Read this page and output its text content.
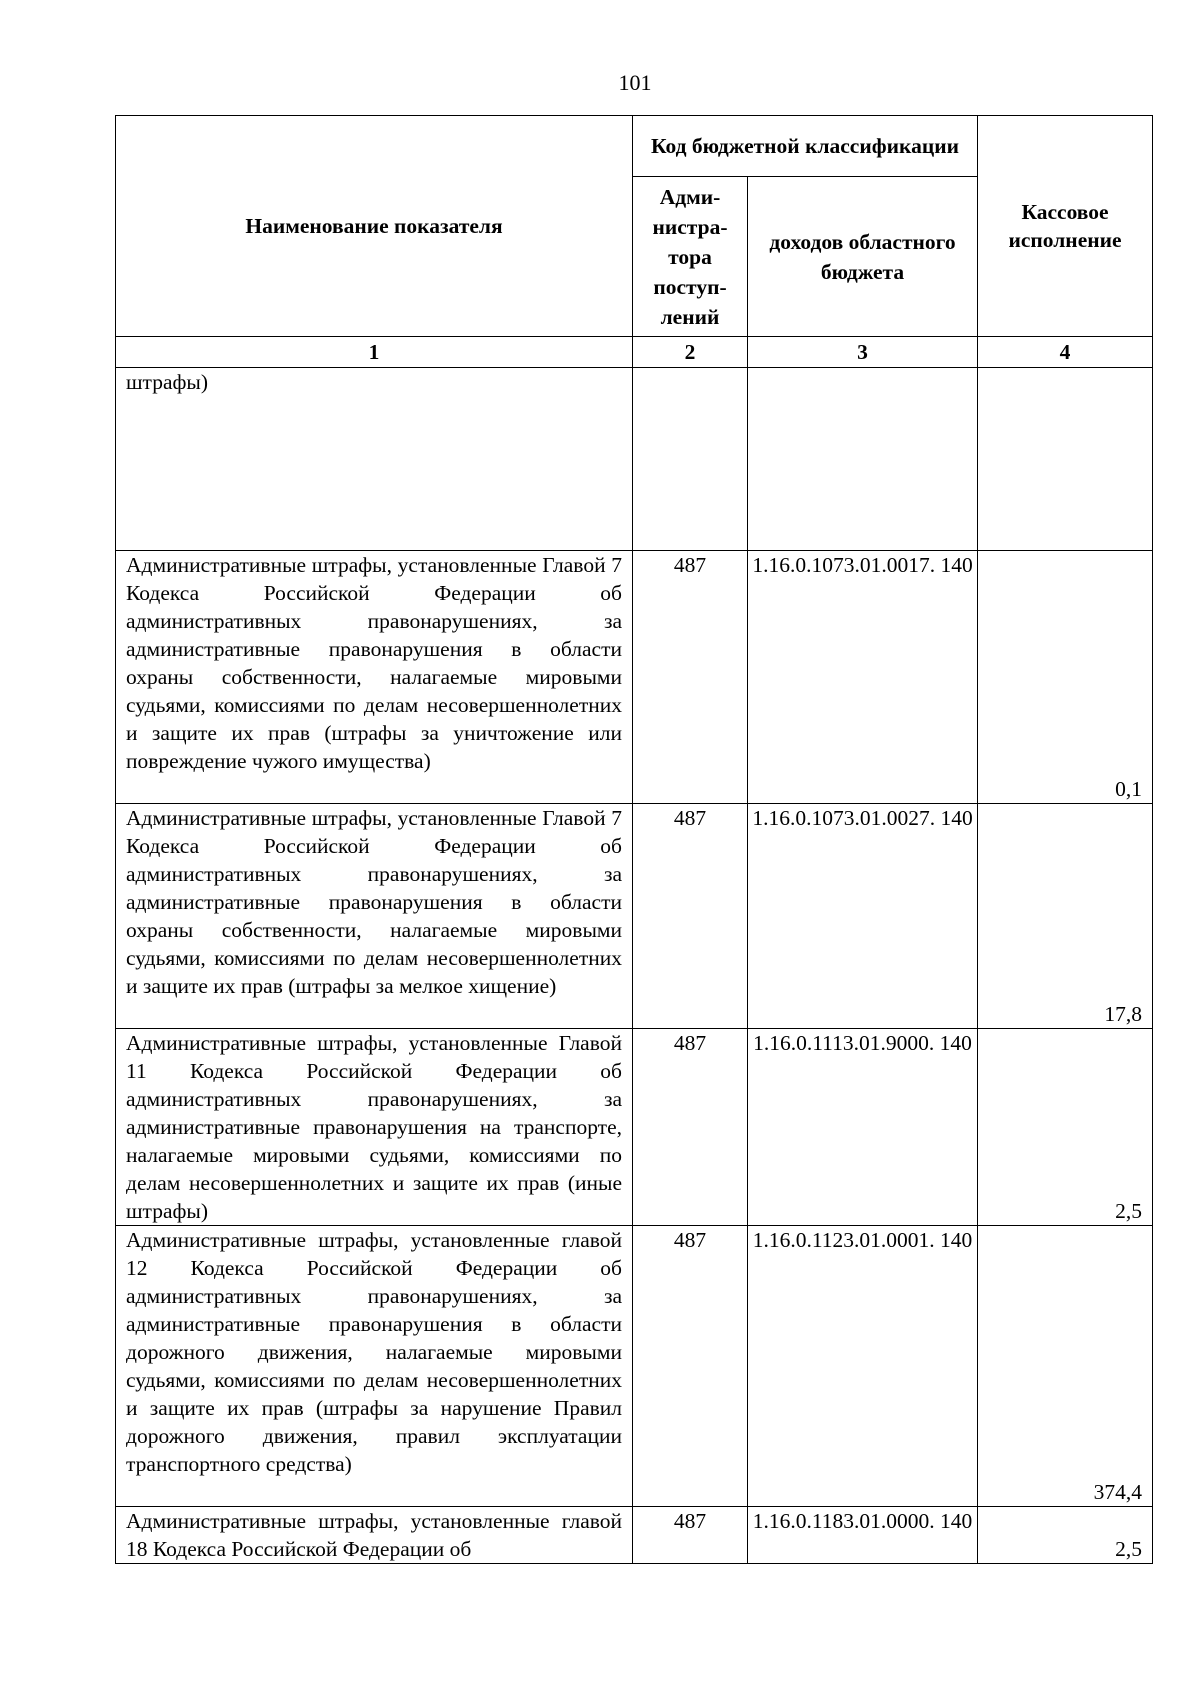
101
Наименование показателя	Код бюджетной классификации		Кассовое исполнение
	Адми-нистра-тора поступ-лений	доходов областного бюджета	
1	2	3	4
штрафы)			
Административные штрафы, установленные Главой 7 Кодекса Российской Федерации об административных правонарушениях, за административные правонарушения в области охраны собственности, налагаемые мировыми судьями, комиссиями по делам несовершеннолетних и защите их прав (штрафы за уничтожение или повреждение чужого имущества)	487	1.16.0.1073.01.0017. 140	0,1
Административные штрафы, установленные Главой 7 Кодекса Российской Федерации об административных правонарушениях, за административные правонарушения в области охраны собственности, налагаемые мировыми судьями, комиссиями по делам несовершеннолетних и защите их прав (штрафы за мелкое хищение)	487	1.16.0.1073.01.0027. 140	17,8
Административные штрафы, установленные Главой 11 Кодекса Российской Федерации об административных правонарушениях, за административные правонарушения на транспорте, налагаемые мировыми судьями, комиссиями по делам несовершеннолетних и защите их прав (иные штрафы)	487	1.16.0.1113.01.9000. 140	2,5
Административные штрафы, установленные главой 12 Кодекса Российской Федерации об административных правонарушениях, за административные правонарушения в области дорожного движения, налагаемые мировыми судьями, комиссиями по делам несовершеннолетних и защите их прав (штрафы за нарушение Правил дорожного движения, правил эксплуатации транспортного средства)	487	1.16.0.1123.01.0001. 140	374,4
Административные штрафы, установленные главой 18 Кодекса Российской Федерации об	487	1.16.0.1183.01.0000. 140	2,5
